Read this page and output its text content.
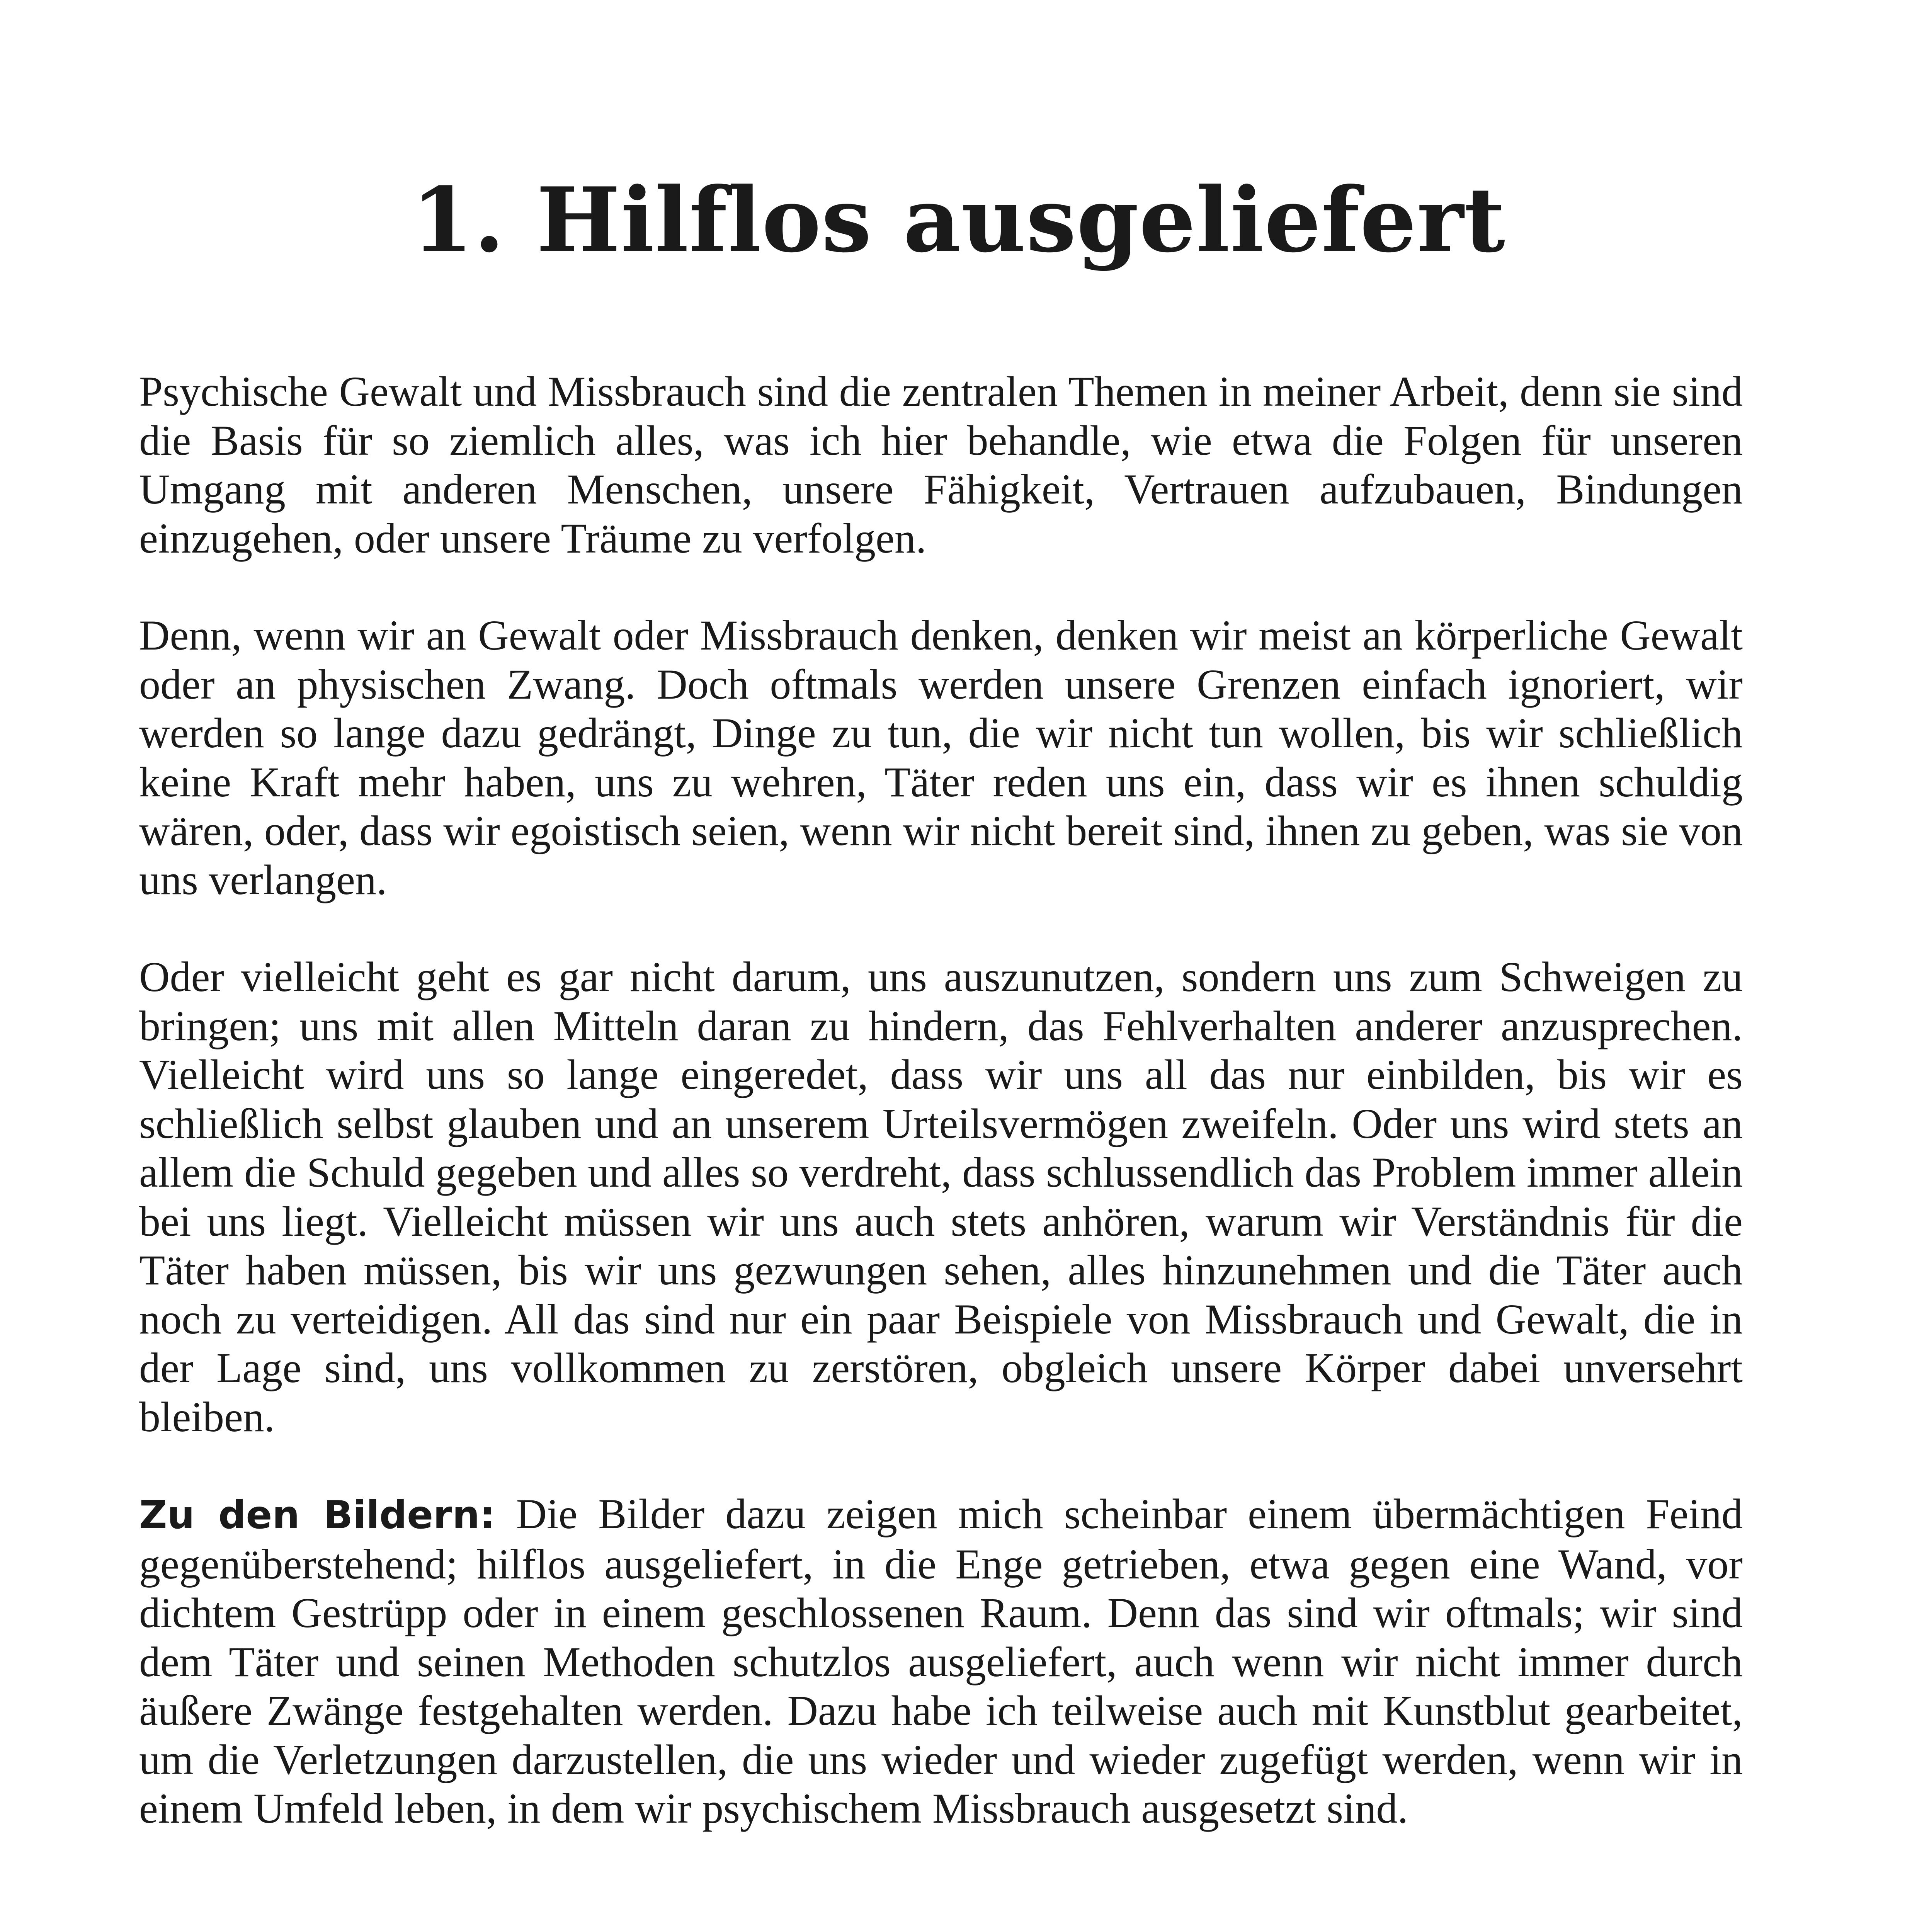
1. Hilflos ausgeliefert

Psychische Gewalt und Missbrauch sind die zentralen Themen in meiner Arbeit, denn sie sind die Basis für so ziemlich alles, was ich hier behandle, wie etwa die Folgen für unseren Umgang mit anderen Menschen, unsere Fähigkeit, Vertrauen aufzubauen, Bindungen einzugehen, oder unsere Träume zu verfolgen.

Denn, wenn wir an Gewalt oder Missbrauch denken, denken wir meist an körperliche Gewalt oder an physischen Zwang. Doch oftmals werden unsere Grenzen einfach ignoriert, wir werden so lange dazu gedrängt, Dinge zu tun, die wir nicht tun wollen, bis wir schließlich keine Kraft mehr haben, uns zu wehren, Täter reden uns ein, dass wir es ihnen schuldig wären, oder, dass wir egoistisch seien, wenn wir nicht bereit sind, ihnen zu geben, was sie von uns verlangen.

Oder vielleicht geht es gar nicht darum, uns auszunutzen, sondern uns zum Schweigen zu bringen; uns mit allen Mitteln daran zu hindern, das Fehlverhalten anderer anzusprechen. Vielleicht wird uns so lange eingeredet, dass wir uns all das nur einbilden, bis wir es schließlich selbst glauben und an unserem Urteilsvermögen zweifeln. Oder uns wird stets an allem die Schuld gegeben und alles so verdreht, dass schlussendlich das Problem immer allein bei uns liegt. Vielleicht müssen wir uns auch stets anhören, warum wir Verständnis für die Täter haben müssen, bis wir uns gezwungen sehen, alles hinzunehmen und die Täter auch noch zu verteidigen. All das sind nur ein paar Beispiele von Missbrauch und Gewalt, die in der Lage sind, uns vollkommen zu zerstören, obgleich unsere Körper dabei unversehrt bleiben.

Zu den Bildern: Die Bilder dazu zeigen mich scheinbar einem übermächtigen Feind gegenüberstehend; hilflos ausgeliefert, in die Enge getrieben, etwa gegen eine Wand, vor dichtem Gestrüpp oder in einem geschlossenen Raum. Denn das sind wir oftmals; wir sind dem Täter und seinen Methoden schutzlos ausgeliefert, auch wenn wir nicht immer durch äußere Zwänge festgehalten werden. Dazu habe ich teilweise auch mit Kunstblut gearbeitet, um die Verletzungen darzustellen, die uns wieder und wieder zugefügt werden, wenn wir in einem Umfeld leben, in dem wir psychischem Missbrauch ausgesetzt sind.
